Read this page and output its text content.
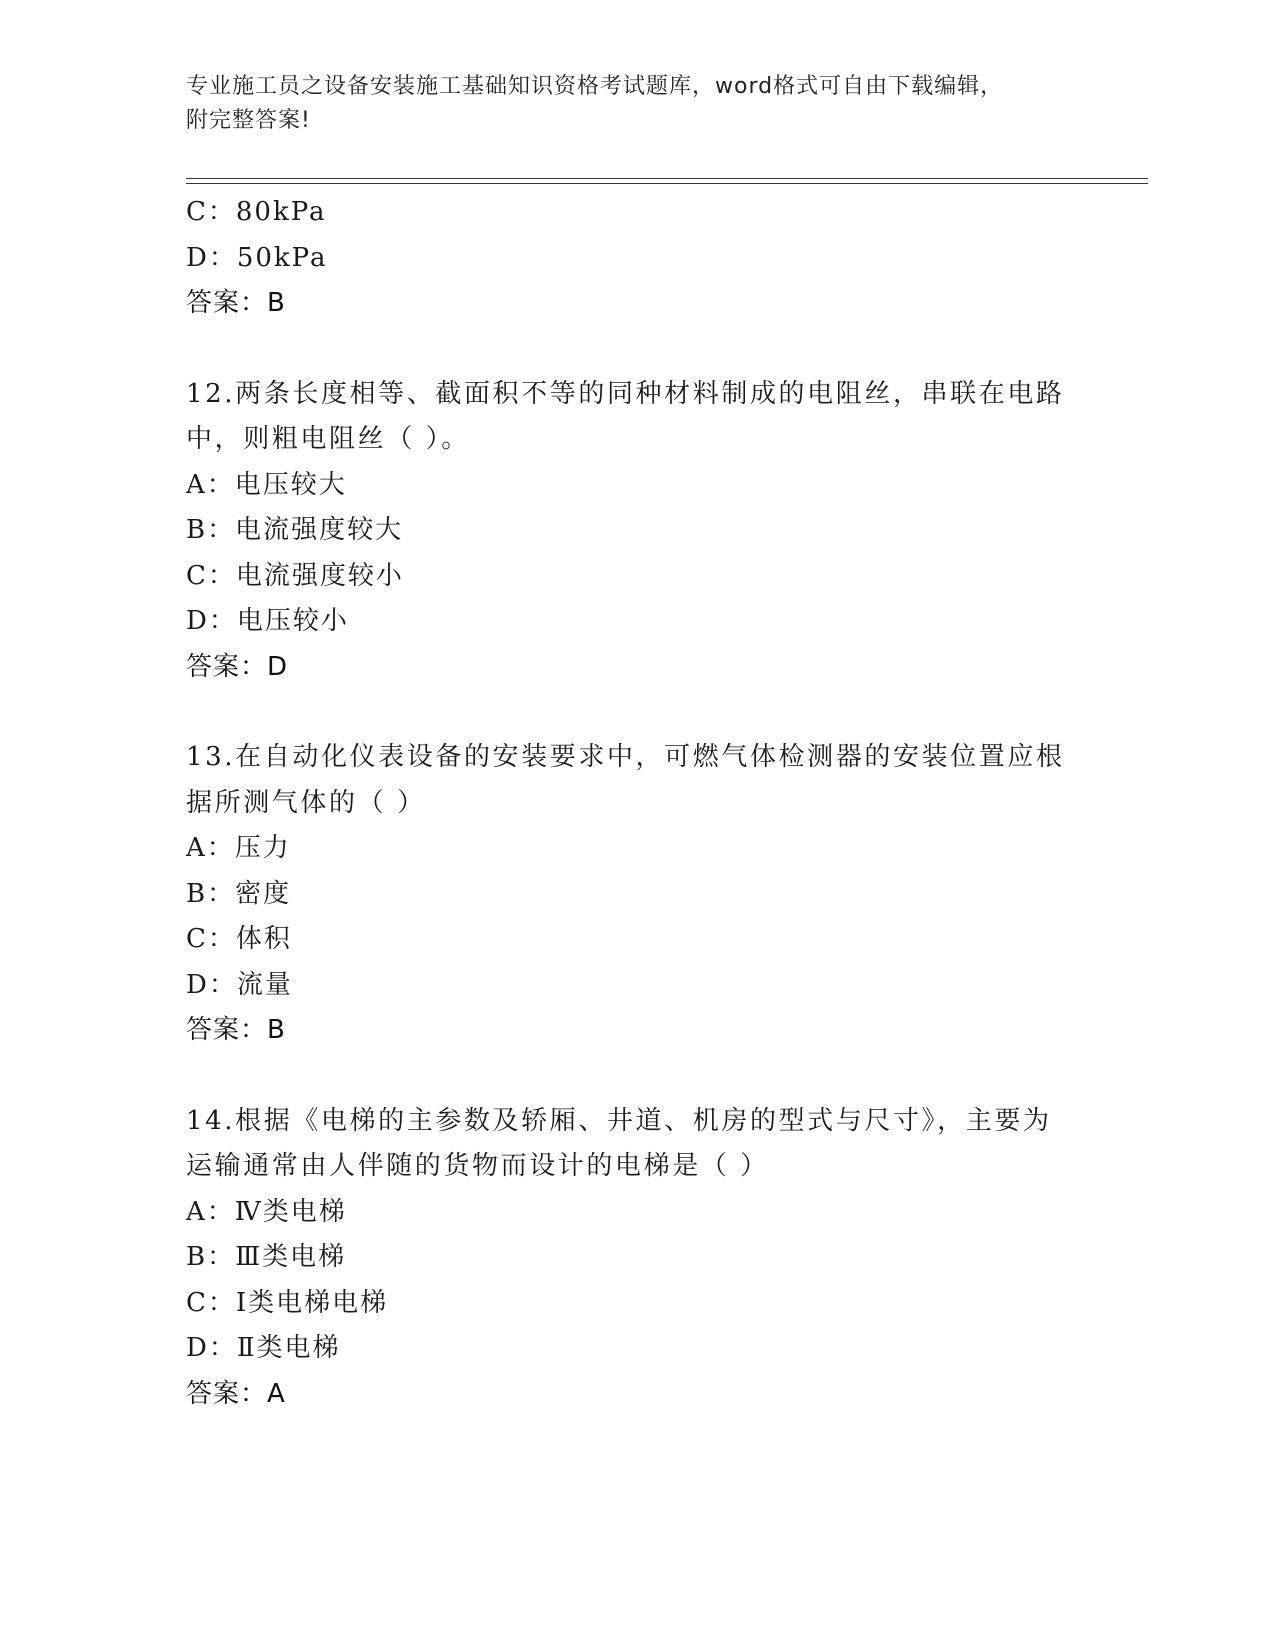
专业施工员之设备安装施工基础知识资格考试题库，word格式可自由下载编辑，
附完整答案!
C：80kPa
D：50kPa
答案：B
12.两条长度相等、截面积不等的同种材料制成的电阻丝，串联在电路
中，则粗电阻丝（ ）。
A：电压较大
B：电流强度较大
C：电流强度较小
D：电压较小
答案：D
13.在自动化仪表设备的安装要求中，可燃气体检测器的安装位置应根
据所测气体的（ ）
A：压力
B：密度
C：体积
D：流量
答案：B
14.根据《电梯的主参数及轿厢、井道、机房的型式与尺寸》，主要为
运输通常由人伴随的货物而设计的电梯是（ ）
A：Ⅳ类电梯
B：Ⅲ类电梯
C：Ⅰ类电梯电梯
D：Ⅱ类电梯
答案：A
